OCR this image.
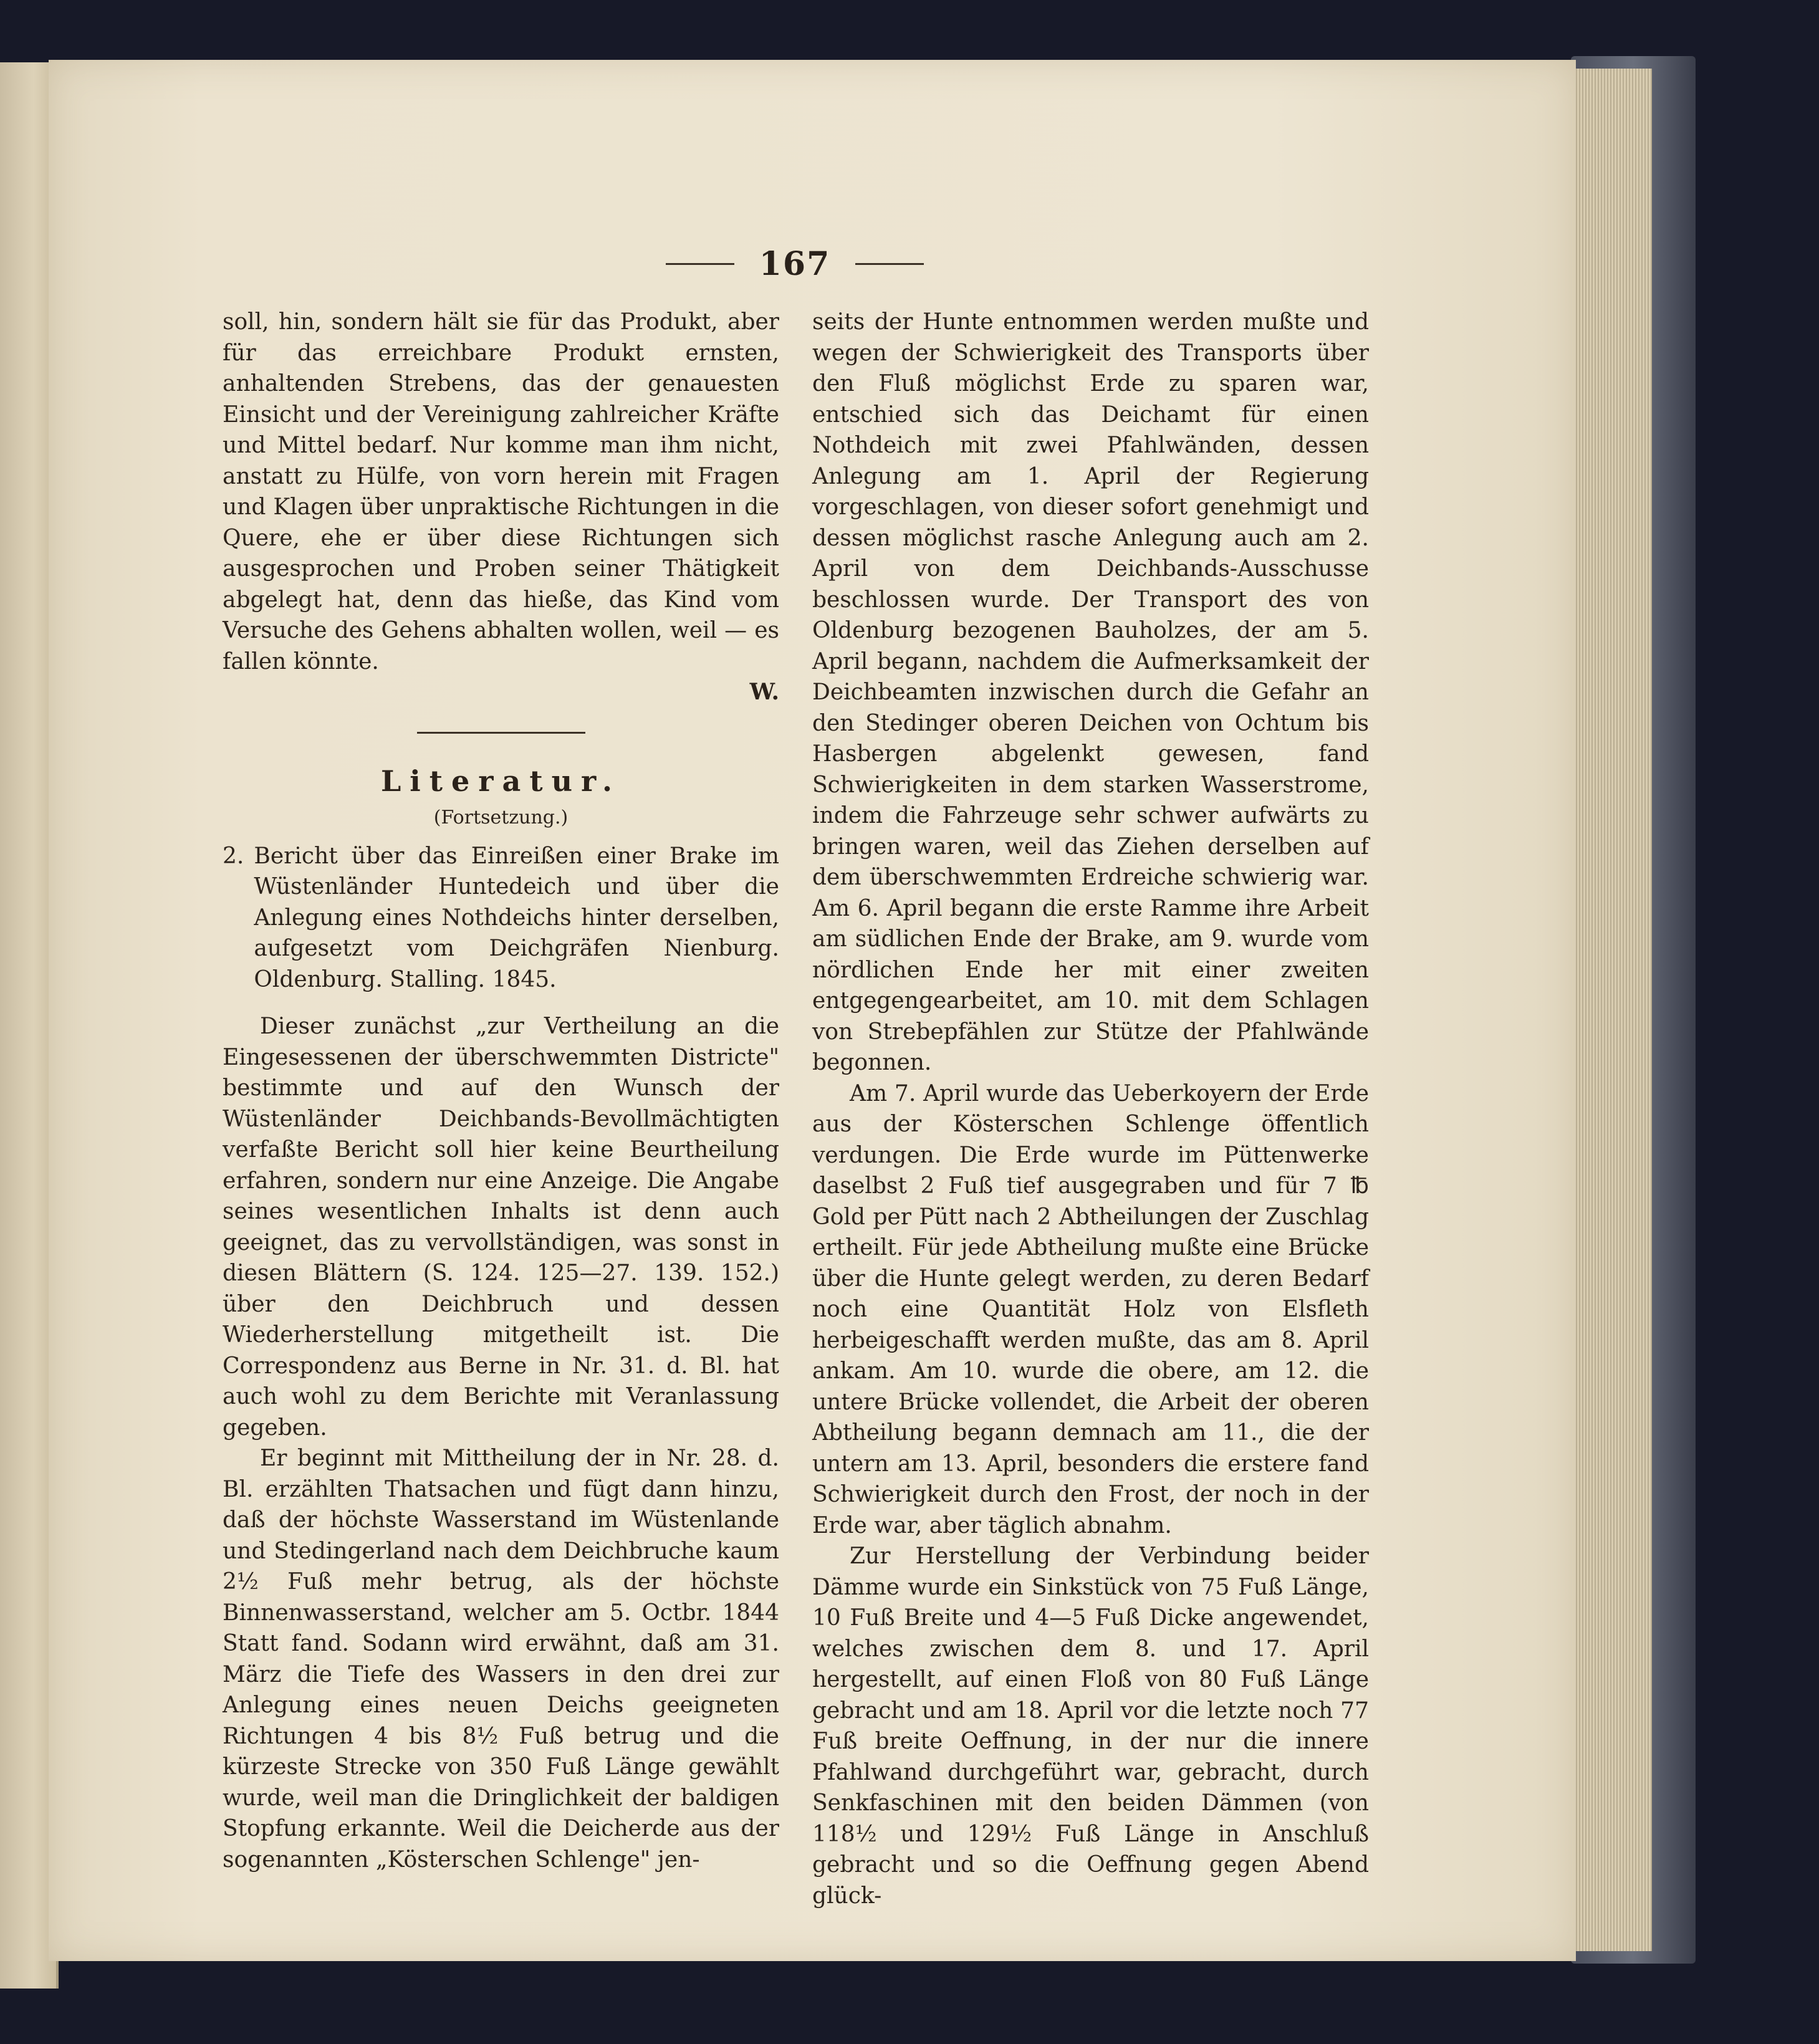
167

soll, hin, sondern hält sie für das Produkt, aber für das erreichbare Produkt ernsten, anhaltenden Strebens, das der genauesten Einsicht und der Vereinigung zahlreicher Kräfte und Mittel bedarf. Nur komme man ihm nicht, anstatt zu Hülfe, von vorn herein mit Fragen und Klagen über unpraktische Richtungen in die Quere, ehe er über diese Richtungen sich ausgesprochen und Proben seiner Thätigkeit abgelegt hat, denn das hieße, das Kind vom Versuche des Gehens abhalten wollen, weil — es fallen könnte.

W.
Literatur.
(Fortsetzung.)
2. Bericht über das Einreißen einer Brake im Wüstenländer Huntedeich und über die Anlegung eines Nothdeichs hinter derselben, aufgesetzt vom Deichgräfen Nienburg. Oldenburg. Stalling. 1845.

Dieser zunächst „zur Vertheilung an die Eingesessenen der überschwemmten Districte" bestimmte und auf den Wunsch der Wüstenländer Deichbands-Bevollmächtigten verfaßte Bericht soll hier keine Beurtheilung erfahren, sondern nur eine Anzeige. Die Angabe seines wesentlichen Inhalts ist denn auch geeignet, das zu vervollständigen, was sonst in diesen Blättern (S. 124. 125—27. 139. 152.) über den Deichbruch und dessen Wiederherstellung mitgetheilt ist. Die Correspondenz aus Berne in Nr. 31. d. Bl. hat auch wohl zu dem Berichte mit Veranlassung gegeben.

Er beginnt mit Mittheilung der in Nr. 28. d. Bl. erzählten Thatsachen und fügt dann hinzu, daß der höchste Wasserstand im Wüstenlande und Stedingerland nach dem Deichbruche kaum 2½ Fuß mehr betrug, als der höchste Binnenwasserstand, welcher am 5. Octbr. 1844 Statt fand. Sodann wird erwähnt, daß am 31. März die Tiefe des Wassers in den drei zur Anlegung eines neuen Deichs geeigneten Richtungen 4 bis 8½ Fuß betrug und die kürzeste Strecke von 350 Fuß Länge gewählt wurde, weil man die Dringlichkeit der baldigen Stopfung erkannte. Weil die Deicherde aus der sogenannten „Kösterschen Schlenge" jen-

seits der Hunte entnommen werden mußte und wegen der Schwierigkeit des Transports über den Fluß möglichst Erde zu sparen war, entschied sich das Deichamt für einen Nothdeich mit zwei Pfahlwänden, dessen Anlegung am 1. April der Regierung vorgeschlagen, von dieser sofort genehmigt und dessen möglichst rasche Anlegung auch am 2. April von dem Deichbands-Ausschusse beschlossen wurde. Der Transport des von Oldenburg bezogenen Bauholzes, der am 5. April begann, nachdem die Aufmerksamkeit der Deichbeamten inzwischen durch die Gefahr an den Stedinger oberen Deichen von Ochtum bis Hasbergen abgelenkt gewesen, fand Schwierigkeiten in dem starken Wasserstrome, indem die Fahrzeuge sehr schwer aufwärts zu bringen waren, weil das Ziehen derselben auf dem überschwemmten Erdreiche schwierig war. Am 6. April begann die erste Ramme ihre Arbeit am südlichen Ende der Brake, am 9. wurde vom nördlichen Ende her mit einer zweiten entgegengearbeitet, am 10. mit dem Schlagen von Strebepfählen zur Stütze der Pfahlwände begonnen.

Am 7. April wurde das Ueberkoyern der Erde aus der Kösterschen Schlenge öffentlich verdungen. Die Erde wurde im Püttenwerke daselbst 2 Fuß tief ausgegraben und für 7 ℔ Gold per Pütt nach 2 Abtheilungen der Zuschlag ertheilt. Für jede Abtheilung mußte eine Brücke über die Hunte gelegt werden, zu deren Bedarf noch eine Quantität Holz von Elsfleth herbeigeschafft werden mußte, das am 8. April ankam. Am 10. wurde die obere, am 12. die untere Brücke vollendet, die Arbeit der oberen Abtheilung begann demnach am 11., die der untern am 13. April, besonders die erstere fand Schwierigkeit durch den Frost, der noch in der Erde war, aber täglich abnahm.

Zur Herstellung der Verbindung beider Dämme wurde ein Sinkstück von 75 Fuß Länge, 10 Fuß Breite und 4—5 Fuß Dicke angewendet, welches zwischen dem 8. und 17. April hergestellt, auf einen Floß von 80 Fuß Länge gebracht und am 18. April vor die letzte noch 77 Fuß breite Oeffnung, in der nur die innere Pfahlwand durchgeführt war, gebracht, durch Senkfaschinen mit den beiden Dämmen (von 118½ und 129½ Fuß Länge in Anschluß gebracht und so die Oeffnung gegen Abend glück-
